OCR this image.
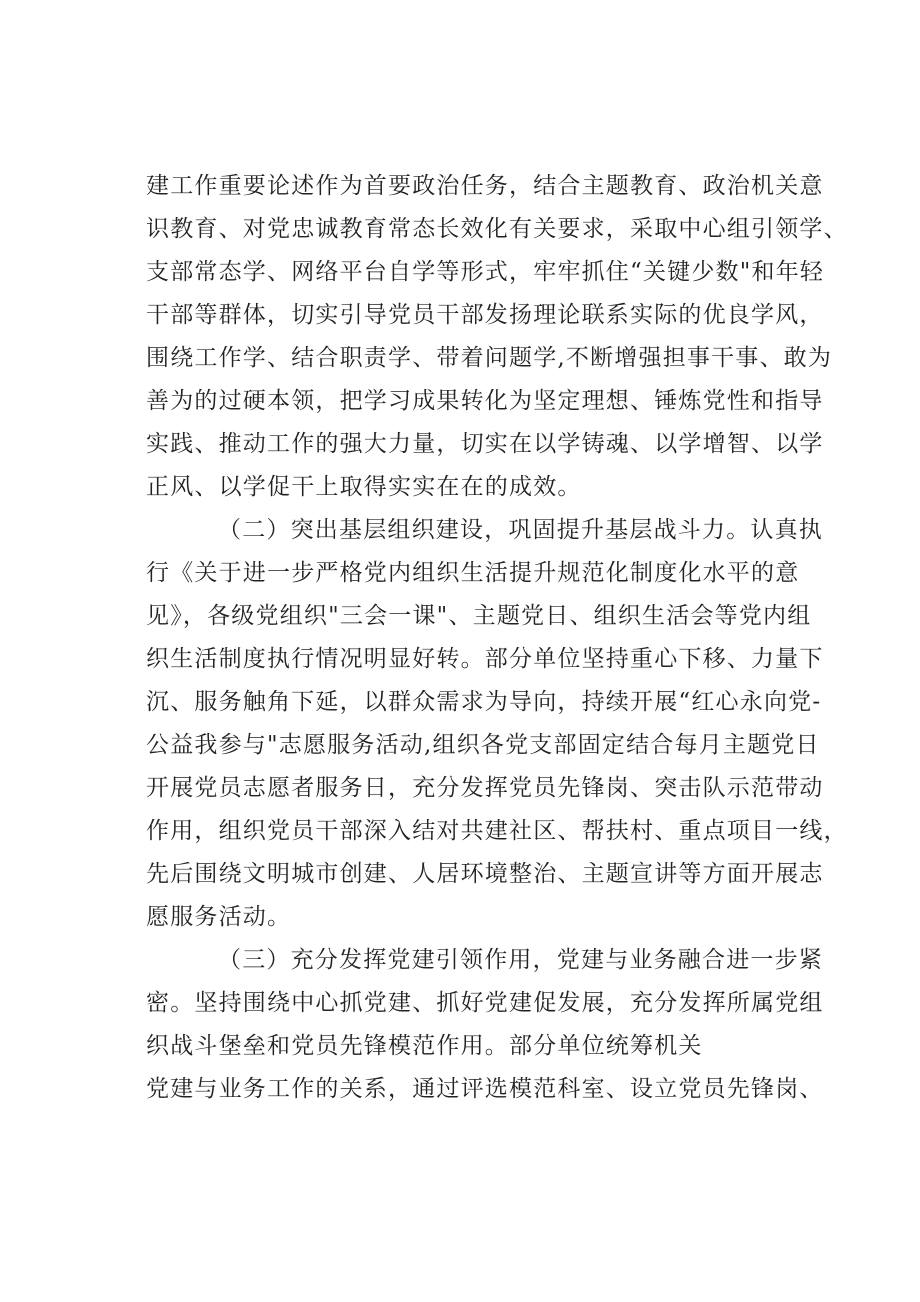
建工作重要论述作为首要政治任务，结合主题教育、政治机关意
识教育、对党忠诚教育常态长效化有关要求，采取中心组引领学、
支部常态学、网络平台自学等形式，牢牢抓住“关键少数"和年轻
干部等群体，切实引导党员干部发扬理论联系实际的优良学风，
围绕工作学、结合职责学、带着问题学,不断增强担事干事、敢为
善为的过硬本领，把学习成果转化为坚定理想、锤炼党性和指导
实践、推动工作的强大力量，切实在以学铸魂、以学增智、以学
正风、以学促干上取得实实在在的成效。
（二）突出基层组织建设，巩固提升基层战斗力。认真执
行《关于进一步严格党内组织生活提升规范化制度化水平的意
见》，各级党组织"三会一课"、主题党日、组织生活会等党内组
织生活制度执行情况明显好转。部分单位坚持重心下移、力量下
沉、服务触角下延，以群众需求为导向，持续开展“红心永向党-
公益我参与"志愿服务活动,组织各党支部固定结合每月主题党日
开展党员志愿者服务日，充分发挥党员先锋岗、突击队示范带动
作用，组织党员干部深入结对共建社区、帮扶村、重点项目一线，
先后围绕文明城市创建、人居环境整治、主题宣讲等方面开展志
愿服务活动。
（三）充分发挥党建引领作用，党建与业务融合进一步紧
密。坚持围绕中心抓党建、抓好党建促发展，充分发挥所属党组
织战斗堡垒和党员先锋模范作用。部分单位统筹机关
党建与业务工作的关系，通过评选模范科室、设立党员先锋岗、
